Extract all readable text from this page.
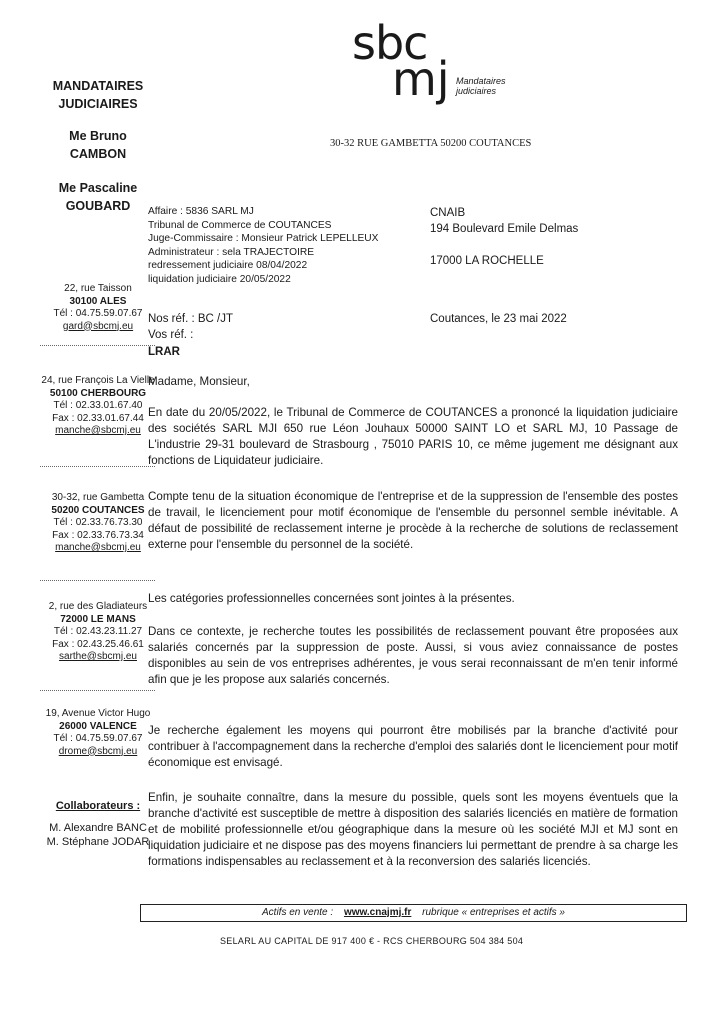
sbc
mj Mandataires
judiciaires
30-32 RUE GAMBETTA 50200 COUTANCES
MANDATAIRES
JUDICIAIRES
Me Bruno
CAMBON
Me Pascaline
GOUBARD
22, rue Taisson
30100 ALES
Tél : 04.75.59.07.67
gard@sbcmj.eu
24, rue François La Vielle
50100 CHERBOURG
Tél : 02.33.01.67.40
Fax : 02.33.01.67.44
manche@sbcmj.eu
30-32, rue Gambetta
50200 COUTANCES
Tél : 02.33.76.73.30
Fax : 02.33.76.73.34
manche@sbcmj.eu
2, rue des Gladiateurs
72000 LE MANS
Tél : 02.43.23.11.27
Fax : 02.43.25.46.61
sarthe@sbcmj.eu
19, Avenue Victor Hugo
26000 VALENCE
Tél : 04.75.59.07.67
drome@sbcmj.eu
Collaborateurs :
M. Alexandre BANC
M. Stéphane JODAR
Affaire : 5836 SARL MJ
Tribunal de Commerce de COUTANCES
Juge-Commissaire : Monsieur Patrick LEPELLEUX
Administrateur : sela TRAJECTOIRE
redressement judiciaire 08/04/2022
liquidation judiciaire 20/05/2022
Nos réf. : BC /JT
Vos réf. :
LRAR
CNAIB
194 Boulevard Emile Delmas
17000 LA ROCHELLE
Coutances, le 23 mai 2022
Madame, Monsieur,
En date du 20/05/2022, le Tribunal de Commerce de COUTANCES a prononcé la liquidation judiciaire des sociétés SARL MJI 650 rue Léon Jouhaux 50000 SAINT LO et SARL MJ, 10 Passage de L'industrie 29-31 boulevard de Strasbourg , 75010 PARIS 10, ce même jugement me désignant aux fonctions de Liquidateur judiciaire.
Compte tenu de la situation économique de l'entreprise et de la suppression de l'ensemble des postes de travail, le licenciement pour motif économique de l'ensemble du personnel semble inévitable. A défaut de possibilité de reclassement interne je procède à la recherche de solutions de reclassement externe pour l'ensemble du personnel de la société.
Les catégories professionnelles concernées sont jointes à la présentes.
Dans ce contexte, je recherche toutes les possibilités de reclassement pouvant être proposées aux salariés concernés par la suppression de poste. Aussi, si vous aviez connaissance de postes disponibles au sein de vos entreprises adhérentes, je vous serai reconnaissant de m'en tenir informé afin que je les propose aux salariés concernés.
Je recherche également les moyens qui pourront être mobilisés par la branche d'activité pour contribuer à l'accompagnement dans la recherche d'emploi des salariés dont le licenciement pour motif économique est envisagé.
Enfin, je souhaite connaître, dans la mesure du possible, quels sont les moyens éventuels que la branche d'activité est susceptible de mettre à disposition des salariés licenciés en matière de formation et de mobilité professionnelle et/ou géographique dans la mesure où les société MJI et MJ sont en liquidation judiciaire et ne dispose pas des moyens financiers lui permettant de prendre à sa charge les formations indispensables au reclassement et à la reconversion des salariés licenciés.
Actifs en vente : www.cnajmj.fr rubrique « entreprises et actifs »
SELARL AU CAPITAL DE 917 400 € - RCS CHERBOURG 504 384 504
